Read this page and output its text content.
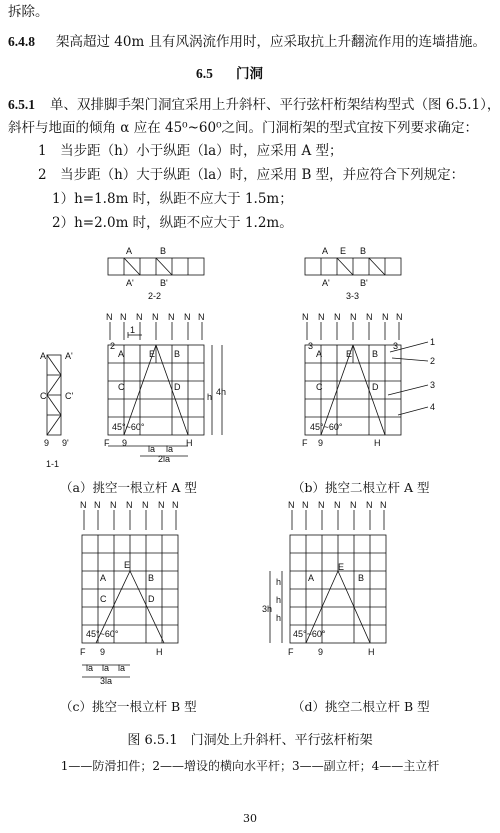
拆除。
6.4.8 架高超过 40m 且有风涡流作用时，应采取抗上升翻流作用的连墙措施。
6.5 门洞
6.5.1 单、双排脚手架门洞宜采用上升斜杆、平行弦杆桁架结构型式（图 6.5.1），
斜杆与地面的倾角 α 应在 45⁰~60⁰之间。门洞桁架的型式宜按下列要求确定：
1　当步距（h）小于纵距（la）时，应采用 A 型；
2　当步距（h）大于纵距（la）时，应采用 B 型，并应符合下列规定：
1）h=1.8m 时，纵距不应大于 1.5m；
2）h=2.0m 时，纵距不应大于 1.2m。
A	B
A'	B'
2-2
A E B
A'	B'
3-3
A A'
C C'
9 9'
1-1
N N N N N N N
1
2
A	E B
C	D
45°~60°
F 9	H
h 4h
la la
2la
N N N N N N N
3	3
A	E B
C	D
45°~60°
F 9	H
1
2
3
4
N N N N N N N
E
A	B
C	D
45°~60°
F 9	H
la la la
3la
N N N N N N N
A
E
B
3h
h
h
h
45°~60°
F	9	H
（a）挑空一根立杆 A 型	（b）挑空二根立杆 A 型
（c）挑空一根立杆 B 型	（d）挑空二根立杆 B 型
图 6.5.1　门洞处上升斜杆、平行弦杆桁架
1——防滑扣件；2——增设的横向水平杆；3——副立杆；4——主立杆
30
